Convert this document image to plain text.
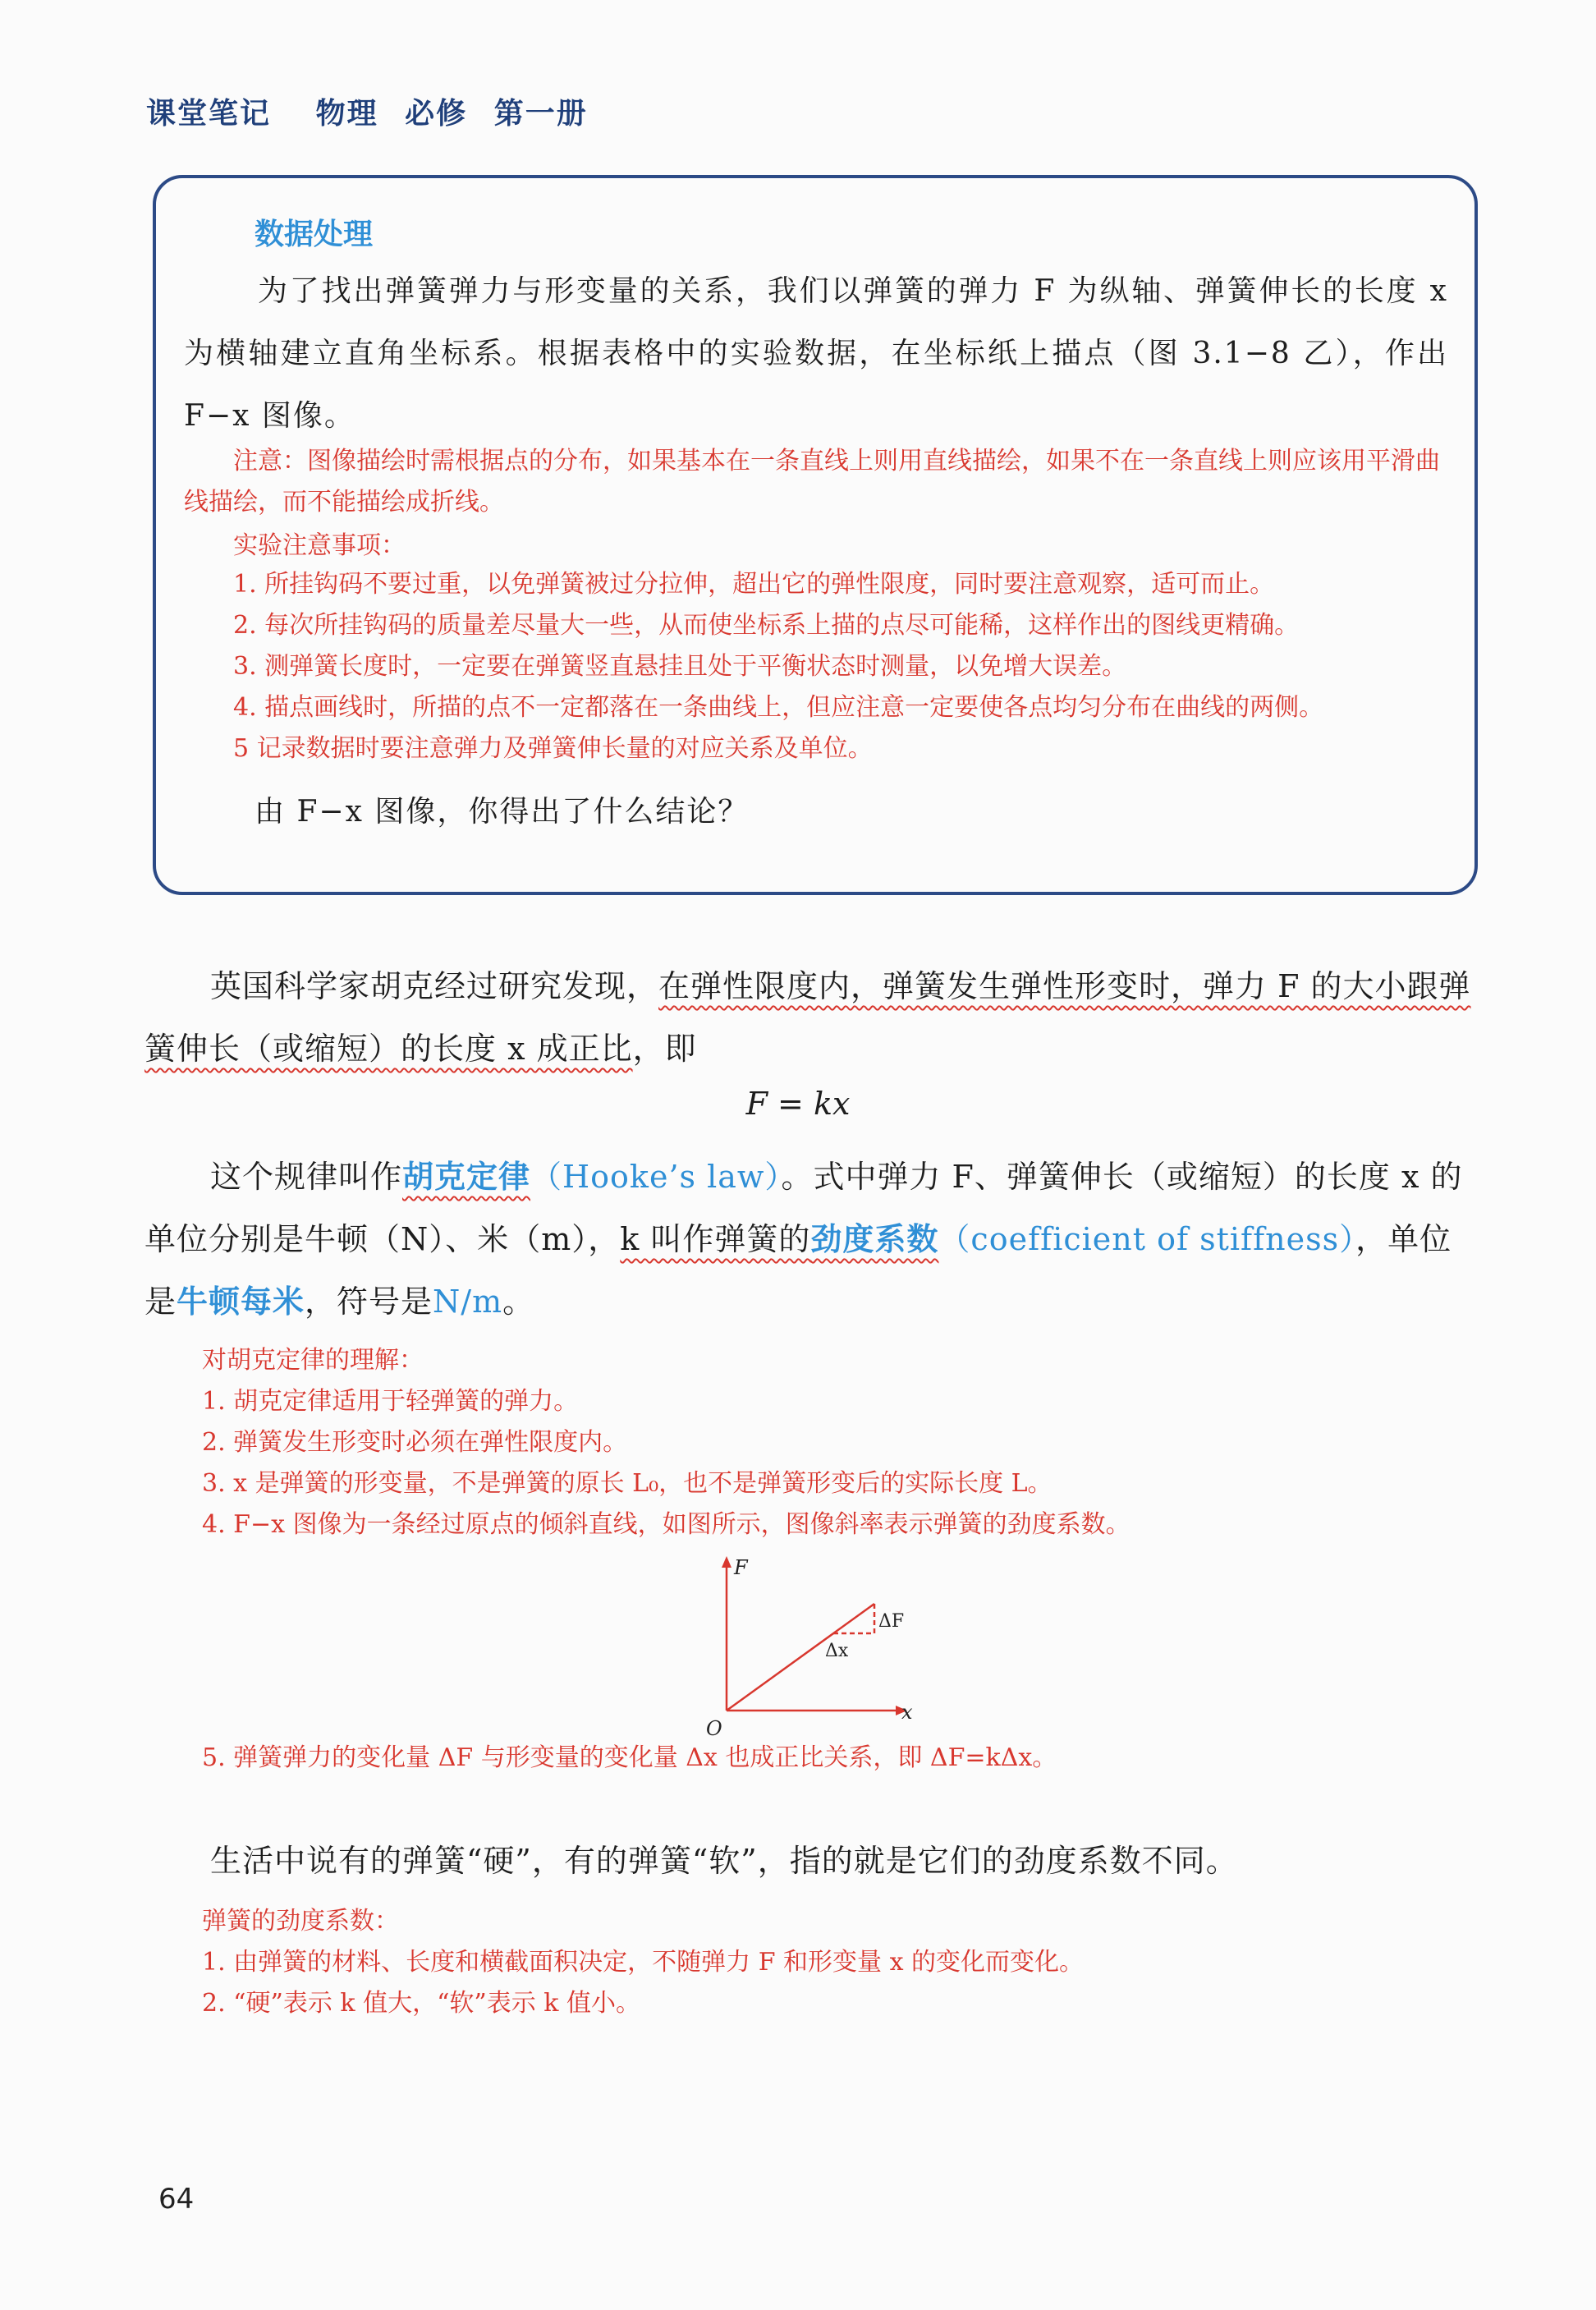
课堂笔记 物理 必修 第一册
数据处理
为了找出弹簧弹力与形变量的关系，我们以弹簧的弹力 F 为纵轴、弹簧伸长的长度 x 为横轴建立直角坐标系。根据表格中的实验数据，在坐标纸上描点（图 3.1−8 乙），作出 F−x 图像。
注意：图像描绘时需根据点的分布，如果基本在一条直线上则用直线描绘，如果不在一条直线上则应该用平滑曲线描绘，而不能描绘成折线。
实验注意事项：
1. 所挂钩码不要过重，以免弹簧被过分拉伸，超出它的弹性限度，同时要注意观察，适可而止。
2. 每次所挂钩码的质量差尽量大一些，从而使坐标系上描的点尽可能稀，这样作出的图线更精确。
3. 测弹簧长度时，一定要在弹簧竖直悬挂且处于平衡状态时测量，以免增大误差。
4. 描点画线时，所描的点不一定都落在一条曲线上，但应注意一定要使各点均匀分布在曲线的两侧。
5 记录数据时要注意弹力及弹簧伸长量的对应关系及单位。
由 F−x 图像，你得出了什么结论？
英国科学家胡克经过研究发现，在弹性限度内，弹簧发生弹性形变时，弹力 F 的大小跟弹簧伸长（或缩短）的长度 x 成正比，即
F = kx
这个规律叫作胡克定律（Hooke’s law）。式中弹力 F、弹簧伸长（或缩短）的长度 x 的单位分别是牛顿（N）、米（m），k 叫作弹簧的劲度系数（coefficient of stiffness），单位是牛顿每米，符号是N/m。
对胡克定律的理解：
1. 胡克定律适用于轻弹簧的弹力。
2. 弹簧发生形变时必须在弹性限度内。
3. x 是弹簧的形变量，不是弹簧的原长 L₀，也不是弹簧形变后的实际长度 L。
4. F−x 图像为一条经过原点的倾斜直线，如图所示，图像斜率表示弹簧的劲度系数。
F
x
O
ΔF
Δx
5. 弹簧弹力的变化量 ΔF 与形变量的变化量 Δx 也成正比关系，即 ΔF=kΔx。
生活中说有的弹簧“硬”，有的弹簧“软”，指的就是它们的劲度系数不同。
弹簧的劲度系数：
1. 由弹簧的材料、长度和横截面积决定，不随弹力 F 和形变量 x 的变化而变化。
2. “硬”表示 k 值大，“软”表示 k 值小。
64
